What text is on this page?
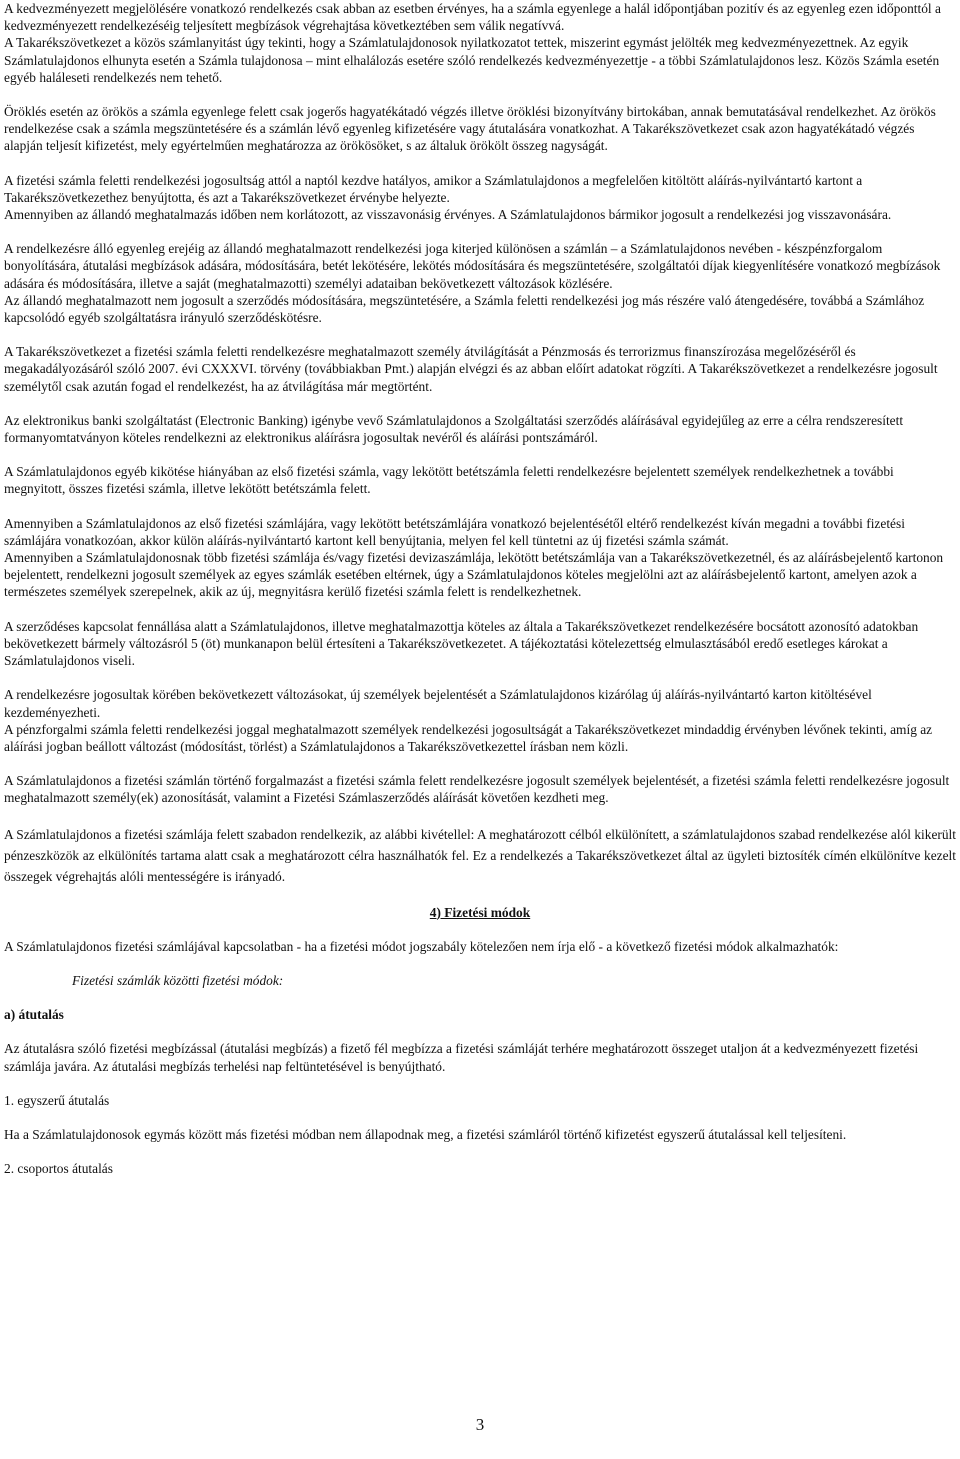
A kedvezményezett megjelölésére vonatkozó rendelkezés csak abban az esetben érvényes, ha a számla egyenlege a halál időpontjában pozitív és az egyenleg ezen időponttól a kedvezményezett rendelkezéséig teljesített megbízások végrehajtása következtében sem válik negatívvá.

A Takarékszövetkezet a közös számlanyitást úgy tekinti, hogy a Számlatulajdonosok nyilatkozatot tettek, miszerint egymást jelölték meg kedvezményezettnek. Az egyik Számlatulajdonos elhunyta esetén a Számla tulajdonosa – mint elhalálozás esetére szóló rendelkezés kedvezményezettje - a többi Számlatulajdonos lesz. Közös Számla esetén egyéb haláleseti rendelkezés nem tehető.

Öröklés esetén az örökös a számla egyenlege felett csak jogerős hagyatékátadó végzés illetve öröklési bizonyítvány birtokában, annak bemutatásával rendelkezhet. Az örökös rendelkezése csak a számla megszüntetésére és a számlán lévő egyenleg kifizetésére vagy átutalására vonatkozhat. A Takarékszövetkezet csak azon hagyatékátadó végzés alapján teljesít kifizetést, mely egyértelműen meghatározza az örökösöket, s az általuk örökölt összeg nagyságát.

A fizetési számla feletti rendelkezési jogosultság attól a naptól kezdve hatályos, amikor a Számlatulajdonos a megfelelően kitöltött aláírás-nyilvántartó kartont a Takarékszövetkezethez benyújtotta, és azt a Takarékszövetkezet érvénybe helyezte.

Amennyiben az állandó meghatalmazás időben nem korlátozott, az visszavonásig érvényes. A Számlatulajdonos bármikor jogosult a rendelkezési jog visszavonására.

A rendelkezésre álló egyenleg erejéig az állandó meghatalmazott rendelkezési joga kiterjed különösen a számlán – a Számlatulajdonos nevében - készpénzforgalom bonyolítására, átutalási megbízások adására, módosítására, betét lekötésére, lekötés módosítására és megszüntetésére, szolgáltatói díjak kiegyenlítésére vonatkozó megbízások adására és módosítására, illetve a saját (meghatalmazotti) személyi adataiban bekövetkezett változások közlésére.

Az állandó meghatalmazott nem jogosult a szerződés módosítására, megszüntetésére, a Számla feletti rendelkezési jog más részére való átengedésére, továbbá a Számlához kapcsolódó egyéb szolgáltatásra irányuló szerződéskötésre.

A Takarékszövetkezet a fizetési számla feletti rendelkezésre meghatalmazott személy átvilágítását a Pénzmosás és terrorizmus finanszírozása megelőzéséről és megakadályozásáról szóló 2007. évi CXXXVI. törvény (továbbiakban Pmt.) alapján elvégzi és az abban előírt adatokat rögzíti. A Takarékszövetkezet a rendelkezésre jogosult személytől csak azután fogad el rendelkezést, ha az átvilágítása már megtörtént.

Az elektronikus banki szolgáltatást (Electronic Banking) igénybe vevő Számlatulajdonos a Szolgáltatási szerződés aláírásával egyidejűleg az erre a célra rendszeresített formanyomtatványon köteles rendelkezni az elektronikus aláírásra jogosultak nevéről és aláírási pontszámáról.

A Számlatulajdonos egyéb kikötése hiányában az első fizetési számla, vagy lekötött betétszámla feletti rendelkezésre bejelentett személyek rendelkezhetnek a további megnyitott, összes fizetési számla, illetve lekötött betétszámla felett.

Amennyiben a Számlatulajdonos az első fizetési számlájára, vagy lekötött betétszámlájára vonatkozó bejelentésétől eltérő rendelkezést kíván megadni a további fizetési számlájára vonatkozóan, akkor külön aláírás-nyilvántartó kartont kell benyújtania, melyen fel kell tüntetni az új fizetési számla számát.

Amennyiben a Számlatulajdonosnak több fizetési számlája és/vagy fizetési devizaszámlája, lekötött betétszámlája van a Takarékszövetkezetnél, és az aláírásbejelentő kartonon bejelentett, rendelkezni jogosult személyek az egyes számlák esetében eltérnek, úgy a Számlatulajdonos köteles megjelölni azt az aláírásbejelentő kartont, amelyen azok a természetes személyek szerepelnek, akik az új, megnyitásra kerülő fizetési számla felett is rendelkezhetnek.

A szerződéses kapcsolat fennállása alatt a Számlatulajdonos, illetve meghatalmazottja köteles az általa a Takarékszövetkezet rendelkezésére bocsátott azonosító adatokban bekövetkezett bármely változásról 5 (öt) munkanapon belül értesíteni a Takarékszövetkezetet. A tájékoztatási kötelezettség elmulasztásából eredő esetleges károkat a Számlatulajdonos viseli.

A rendelkezésre jogosultak körében bekövetkezett változásokat, új személyek bejelentését a Számlatulajdonos kizárólag új aláírás-nyilvántartó karton kitöltésével kezdeményezheti.

A pénzforgalmi számla feletti rendelkezési joggal meghatalmazott személyek rendelkezési jogosultságát a Takarékszövetkezet mindaddig érvényben lévőnek tekinti, amíg az aláírási jogban beállott változást (módosítást, törlést) a Számlatulajdonos a Takarékszövetkezettel írásban nem közli.

A Számlatulajdonos a fizetési számlán történő forgalmazást a fizetési számla felett rendelkezésre jogosult személyek bejelentését, a fizetési számla feletti rendelkezésre jogosult meghatalmazott személy(ek) azonosítását, valamint a Fizetési Számlaszerződés aláírását követően kezdheti meg.

A Számlatulajdonos a fizetési számlája felett szabadon rendelkezik, az alábbi kivétellel: A meghatározott célból elkülönített, a számlatulajdonos szabad rendelkezése alól kikerült pénzeszközök az elkülönítés tartama alatt csak a meghatározott célra használhatók fel. Ez a rendelkezés a Takarékszövetkezet által az ügyleti biztosíték címén elkülönítve kezelt összegek végrehajtás alóli mentességére is irányadó.

4) Fizetési módok

A Számlatulajdonos fizetési számlájával kapcsolatban - ha a fizetési módot jogszabály kötelezően nem írja elő - a következő fizetési módok alkalmazhatók:

Fizetési számlák közötti fizetési módok:

a) átutalás

Az átutalásra szóló fizetési megbízással (átutalási megbízás) a fizető fél megbízza a fizetési számláját terhére meghatározott összeget utaljon át a kedvezményezett fizetési számlája javára. Az átutalási megbízás terhelési nap feltüntetésével is benyújtható.

1. egyszerű átutalás

Ha a Számlatulajdonosok egymás között más fizetési módban nem állapodnak meg, a fizetési számláról történő kifizetést egyszerű átutalással kell teljesíteni.

2. csoportos átutalás

3
